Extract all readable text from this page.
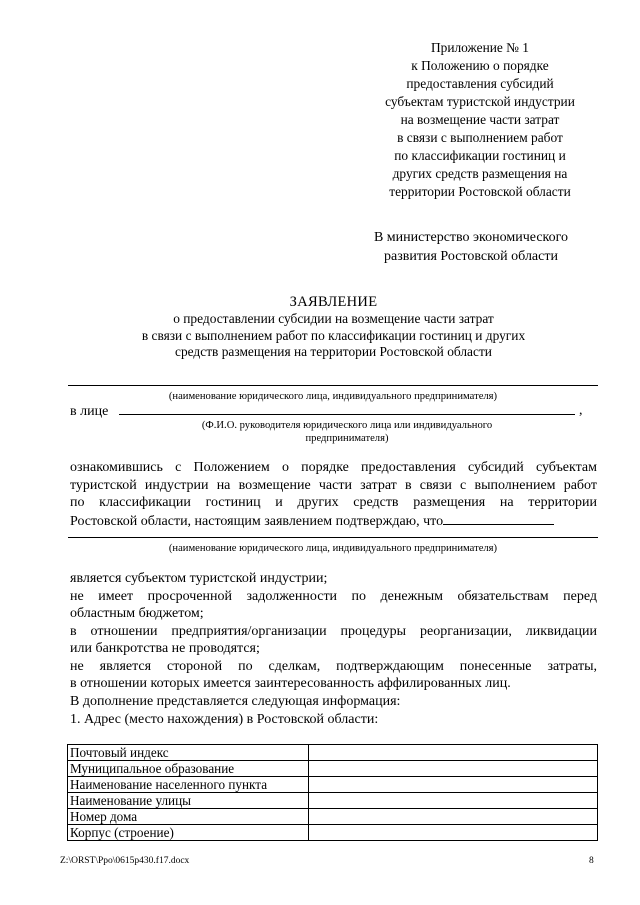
Приложение № 1
к Положению о порядке
предоставления субсидий
субъектам туристской индустрии
на возмещение части затрат
в связи с выполнением работ
по классификации гостиниц и
других средств размещения на
территории Ростовской области
В министерство экономического
развития Ростовской области
ЗАЯВЛЕНИЕ
о предоставлении субсидии на возмещение части затрат
в связи с выполнением работ по классификации гостиниц и других
средств размещения на территории Ростовской области
(наименование юридического лица, индивидуального предпринимателя)
в лице	,
(Ф.И.О. руководителя юридического лица или индивидуального
предпринимателя)
ознакомившись с Положением о порядке предоставления субсидий субъектам
туристской индустрии на возмещение части затрат в связи с выполнением работ
по классификации гостиниц и других средств размещения на территории
Ростовской области, настоящим заявлением подтверждаю, что
(наименование юридического лица, индивидуального предпринимателя)
является субъектом туристской индустрии;
не имеет просроченной задолженности по денежным обязательствам перед
областным бюджетом;
в отношении предприятия/организации процедуры реорганизации, ликвидации
или банкротства не проводятся;
не является стороной по сделкам, подтверждающим понесенные затраты,
в отношении которых имеется заинтересованность аффилированных лиц.
В дополнение представляется следующая информация:
1. Адрес (место нахождения) в Ростовской области:
Почтовый индекс	
Муниципальное образование	
Наименование населенного пункта	
Наименование улицы	
Номер дома	
Корпус (строение)	
Z:\ORST\Ppo\0615p430.f17.docx	8
